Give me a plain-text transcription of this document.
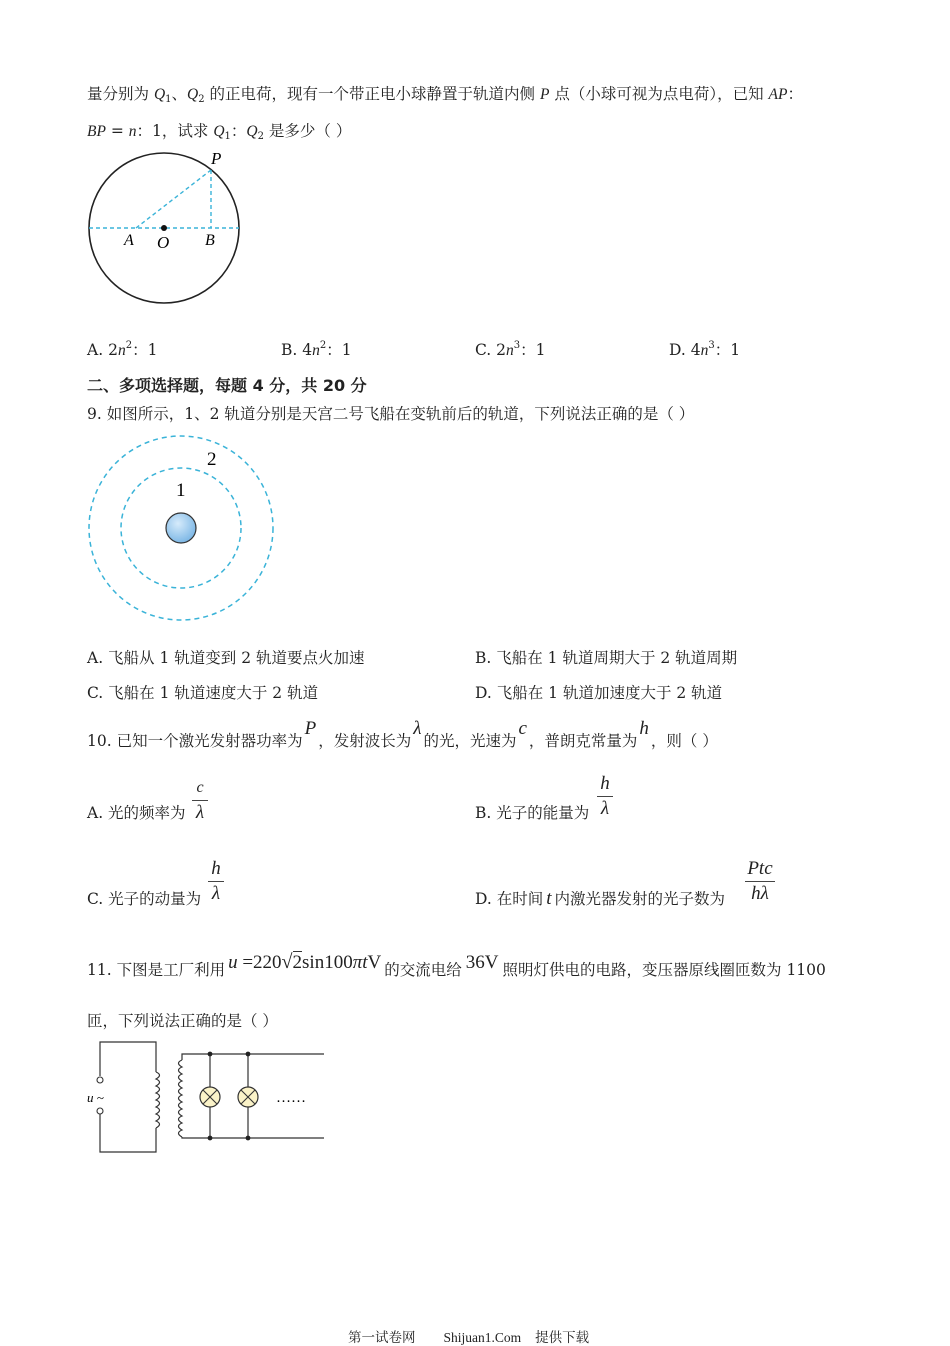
量分别为 $Q_1$、$Q_2$ 的正电荷，现有一个带正电小球静置于轨道内侧 P 点（小球可视为点电荷），已知 AP：
BP = n：1，试求 $Q_1$：$Q_2$ 是多少（ ）
P
A O B
A. $2n^2$：1	B. $4n^2$：1	C. $2n^3$：1	D. $4n^3$：1
二、多项选择题，每题 4 分，共 20 分
9. 如图所示，1、2 轨道分别是天宫二号飞船在变轨前后的轨道，下列说法正确的是（ ）
1
2
A. 飞船从 1 轨道变到 2 轨道要点火加速	B. 飞船在 1 轨道周期大于 2 轨道周期
C. 飞船在 1 轨道速度大于 2 轨道	D. 飞船在 1 轨道加速度大于 2 轨道
10. 已知一个激光发射器功率为P，发射波长为λ的光，光速为c，普朗克常量为h，则（ ）
A. 光的频率为
c
λ	B. 光子的能量为
h
λ
C. 光子的动量为
h
λ	D. 在时间 t 内激光器发射的光子数为
Ptc
hλ
11. 下图是工厂利用 u =220√2sin100πtV 的交流电给 36V 照明灯供电的电路，变压器原线圈匝数为 1100
匝，下列说法正确的是（ ）
u ~	……
第一试卷网 Shijuan1.Com 提供下载
